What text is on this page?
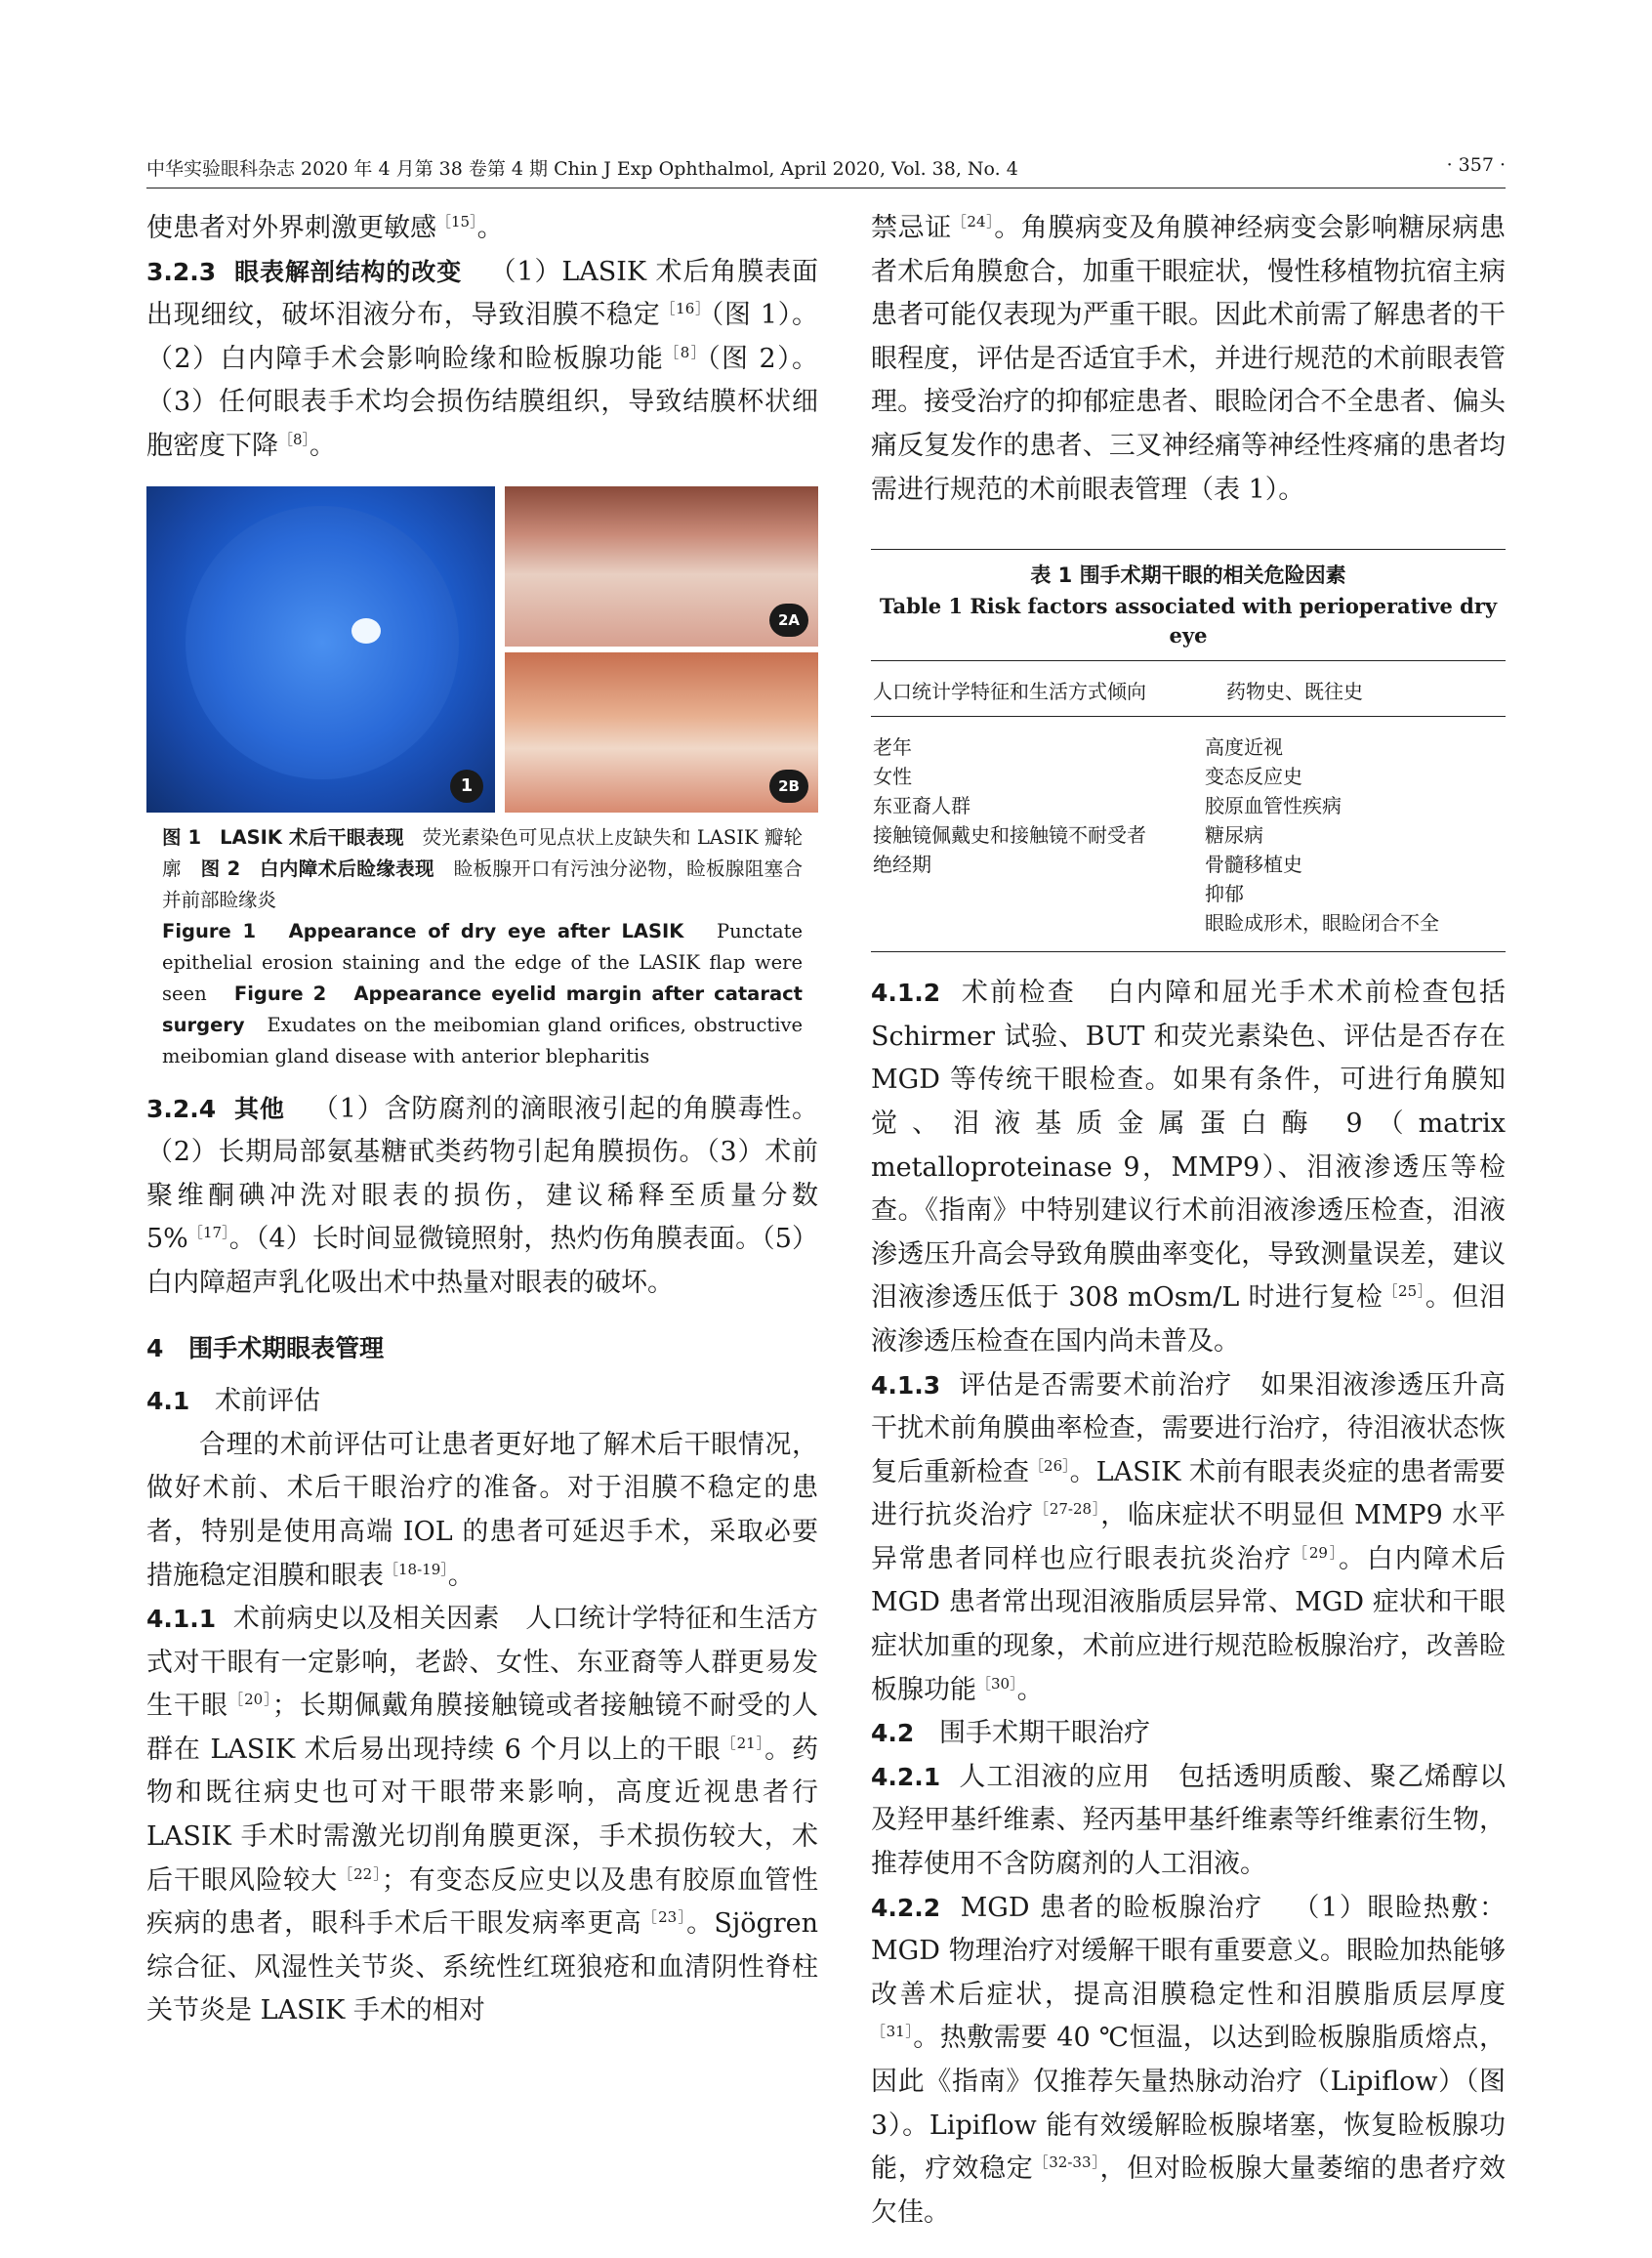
中华实验眼科杂志 2020 年 4 月第 38 卷第 4 期 Chin J Exp Ophthalmol, April 2020, Vol. 38, No. 4	· 357 ·

使患者对外界刺激更敏感$^{[15]}$。

3.2.3 眼表解剖结构的改变 （1）LASIK 术后角膜表面出现细纹，破坏泪液分布，导致泪膜不稳定$^{[16]}$（图 1）。（2）白内障手术会影响睑缘和睑板腺功能$^{[8]}$（图 2）。（3）任何眼表手术均会损伤结膜组织，导致结膜杯状细胞密度下降$^{[8]}$。

1
2A
2B

图 1 LASIK 术后干眼表现 荧光素染色可见点状上皮缺失和 LASIK 瓣轮廓 图 2 白内障术后睑缘表现 睑板腺开口有污浊分泌物，睑板腺阻塞合并前部睑缘炎

Figure 1 Appearance of dry eye after LASIK Punctate epithelial erosion staining and the edge of the LASIK flap were seen Figure 2 Appearance eyelid margin after cataract surgery Exudates on the meibomian gland orifices, obstructive meibomian gland disease with anterior blepharitis

3.2.4 其他 （1）含防腐剂的滴眼液引起的角膜毒性。（2）长期局部氨基糖甙类药物引起角膜损伤。（3）术前聚维酮碘冲洗对眼表的损伤，建议稀释至质量分数 5%$^{[17]}$。（4）长时间显微镜照射，热灼伤角膜表面。（5）白内障超声乳化吸出术中热量对眼表的破坏。

4 围手术期眼表管理

4.1 术前评估

合理的术前评估可让患者更好地了解术后干眼情况，做好术前、术后干眼治疗的准备。对于泪膜不稳定的患者，特别是使用高端 IOL 的患者可延迟手术，采取必要措施稳定泪膜和眼表$^{[18-19]}$。

4.1.1 术前病史以及相关因素 人口统计学特征和生活方式对干眼有一定影响，老龄、女性、东亚裔等人群更易发生干眼$^{[20]}$；长期佩戴角膜接触镜或者接触镜不耐受的人群在 LASIK 术后易出现持续 6 个月以上的干眼$^{[21]}$。药物和既往病史也可对干眼带来影响，高度近视患者行 LASIK 手术时需激光切削角膜更深，手术损伤较大，术后干眼风险较大$^{[22]}$；有变态反应史以及患有胶原血管性疾病的患者，眼科手术后干眼发病率更高$^{[23]}$。Sjögren 综合征、风湿性关节炎、系统性红斑狼疮和血清阴性脊柱关节炎是 LASIK 手术的相对

禁忌证$^{[24]}$。角膜病变及角膜神经病变会影响糖尿病患者术后角膜愈合，加重干眼症状，慢性移植物抗宿主病患者可能仅表现为严重干眼。因此术前需了解患者的干眼程度，评估是否适宜手术，并进行规范的术前眼表管理。接受治疗的抑郁症患者、眼睑闭合不全患者、偏头痛反复发作的患者、三叉神经痛等神经性疼痛的患者均需进行规范的术前眼表管理（表 1）。

表 1 围手术期干眼的相关危险因素
Table 1 Risk factors associated with perioperative dry eye
人口统计学特征和生活方式倾向	药物史、既往史
老年
女性
东亚裔人群
接触镜佩戴史和接触镜不耐受者
绝经期
高度近视
变态反应史
胶原血管性疾病
糖尿病
骨髓移植史
抑郁
眼睑成形术，眼睑闭合不全

4.1.2 术前检查 白内障和屈光手术术前检查包括 Schirmer 试验、BUT 和荧光素染色、评估是否存在 MGD 等传统干眼检查。如果有条件，可进行角膜知觉、泪液基质金属蛋白酶 9（matrix metalloproteinase 9，MMP9）、泪液渗透压等检查。《指南》中特别建议行术前泪液渗透压检查，泪液渗透压升高会导致角膜曲率变化，导致测量误差，建议泪液渗透压低于 308 mOsm/L 时进行复检$^{[25]}$。但泪液渗透压检查在国内尚未普及。

4.1.3 评估是否需要术前治疗 如果泪液渗透压升高干扰术前角膜曲率检查，需要进行治疗，待泪液状态恢复后重新检查$^{[26]}$。LASIK 术前有眼表炎症的患者需要进行抗炎治疗$^{[27-28]}$，临床症状不明显但 MMP9 水平异常患者同样也应行眼表抗炎治疗$^{[29]}$。白内障术后 MGD 患者常出现泪液脂质层异常、MGD 症状和干眼症状加重的现象，术前应进行规范睑板腺治疗，改善睑板腺功能$^{[30]}$。

4.2 围手术期干眼治疗

4.2.1 人工泪液的应用 包括透明质酸、聚乙烯醇以及羟甲基纤维素、羟丙基甲基纤维素等纤维素衍生物，推荐使用不含防腐剂的人工泪液。

4.2.2 MGD 患者的睑板腺治疗 （1）眼睑热敷：MGD 物理治疗对缓解干眼有重要意义。眼睑加热能够改善术后症状，提高泪膜稳定性和泪膜脂质层厚度$^{[31]}$。热敷需要 40 ℃恒温，以达到睑板腺脂质熔点，因此《指南》仅推荐矢量热脉动治疗（Lipiflow）（图 3）。Lipiflow 能有效缓解睑板腺堵塞，恢复睑板腺功能，疗效稳定$^{[32-33]}$，但对睑板腺大量萎缩的患者疗效欠佳。
